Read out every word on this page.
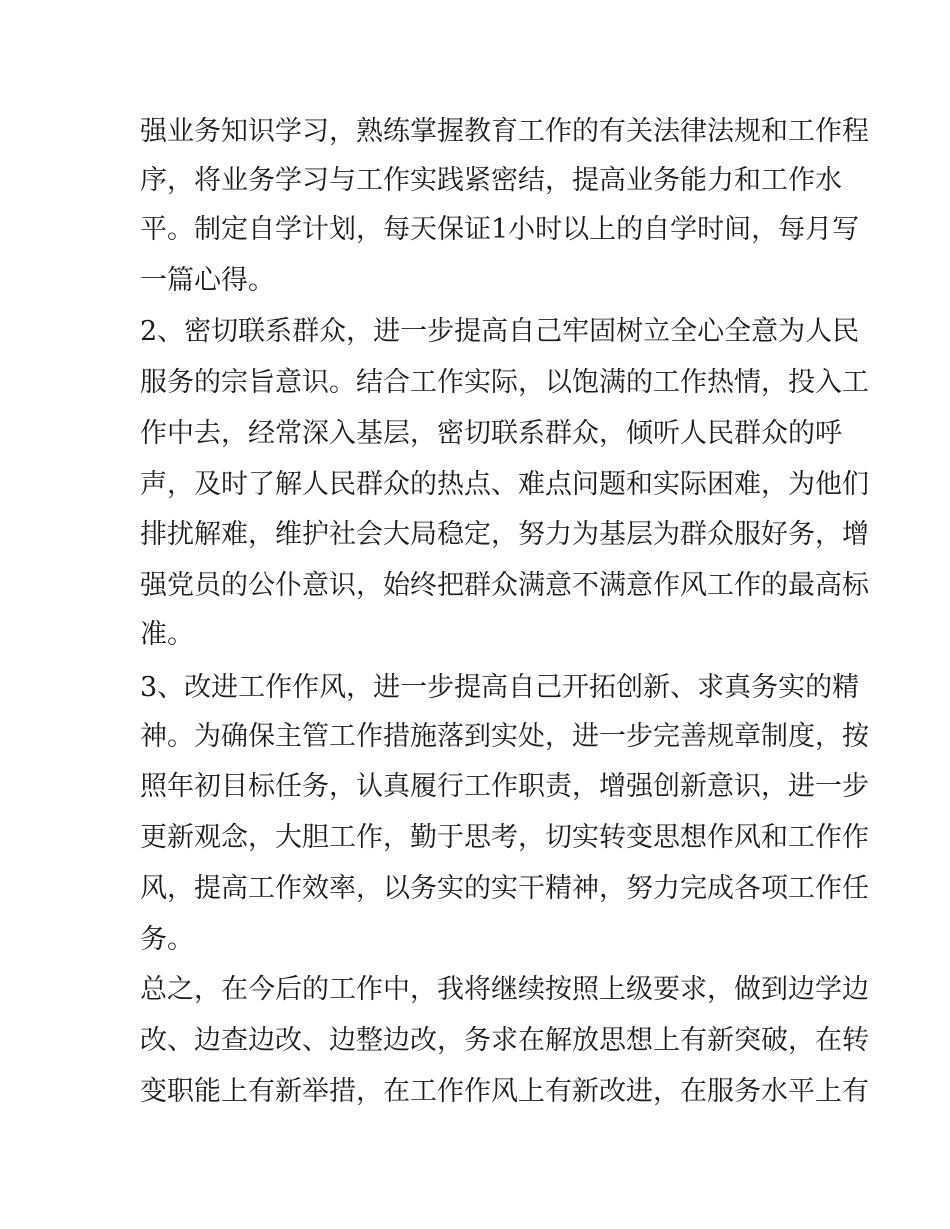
强业务知识学习，熟练掌握教育工作的有关法律法规和工作程
序，将业务学习与工作实践紧密结，提高业务能力和工作水
平。制定自学计划，每天保证1小时以上的自学时间，每月写
一篇心得。
2、密切联系群众，进一步提高自己牢固树立全心全意为人民
服务的宗旨意识。结合工作实际，以饱满的工作热情，投入工
作中去，经常深入基层，密切联系群众，倾听人民群众的呼
声，及时了解人民群众的热点、难点问题和实际困难，为他们
排扰解难，维护社会大局稳定，努力为基层为群众服好务，增
强党员的公仆意识，始终把群众满意不满意作风工作的最高标
准。
3、改进工作作风，进一步提高自己开拓创新、求真务实的精
神。为确保主管工作措施落到实处，进一步完善规章制度，按
照年初目标任务，认真履行工作职责，增强创新意识，进一步
更新观念，大胆工作，勤于思考，切实转变思想作风和工作作
风，提高工作效率，以务实的实干精神，努力完成各项工作任
务。
总之，在今后的工作中，我将继续按照上级要求，做到边学边
改、边查边改、边整边改，务求在解放思想上有新突破，在转
变职能上有新举措，在工作作风上有新改进，在服务水平上有
